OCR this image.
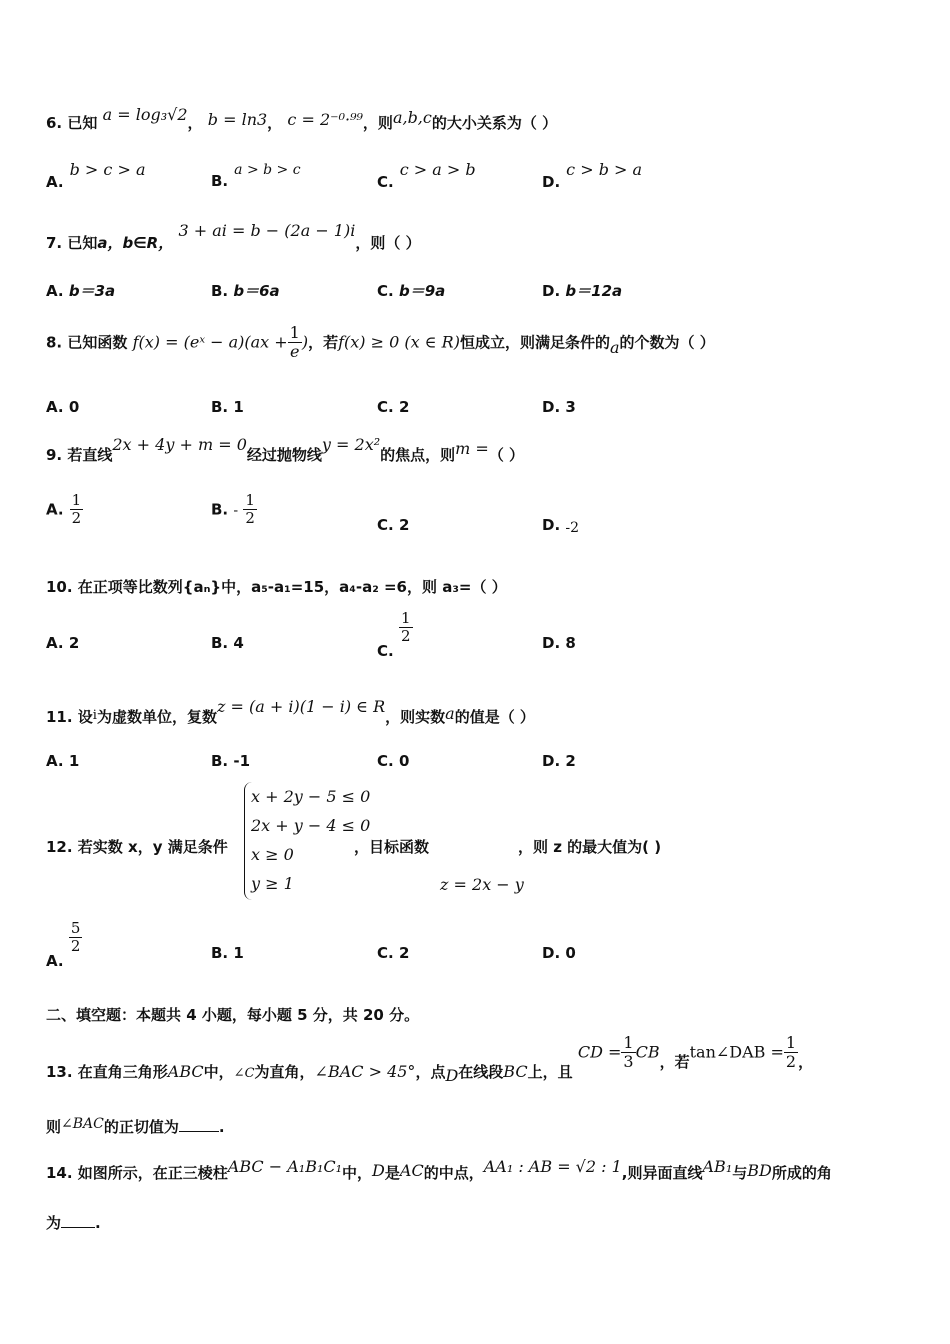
6. 已知 a = log₃√2， b = ln3， c = 2⁻⁰·⁹⁹，则a,b,c的大小关系为（ ）
A.b > c > a
B.a > b > c
C.c > a > b
D.c > b > a
7. 已知a，b∈R， 3 + ai = b − (2a − 1)i，则（ ）
A. b＝3a	B. b＝6a	C. b＝9a	D. b＝12a
8. 已知函数 f(x) = (eˣ − $a)(ax + \frac{1}{e}$ )，若f(x) ≥ 0 (x ∈ R)恒成立，则满足条件的a的个数为（ ）
A. 0	B. 1	C. 2	D. 3
9. 若直线2x + 4y + m = 0经过抛物线y = 2x²的焦点，则m =（ ）
A. $\frac{1}{2}$	B. - $\frac{1}{2}$	C. 2	D. -2
10. 在正项等比数列{aₙ}中，a₅-a₁=15，a₄-a₂ =6，则 a₃=（ ）
A. 2	B. 4	C.
$\frac{1}{2}$	D. 8
11. 设i为虚数单位，复数z = (a + i)(1 − i) ∈ R，则实数a的值是（ ）
A. 1	B. -1	C. 0	D. 2
12. 若实数 x，y 满足条件
x + 2y − 5 ≤ 0
2x + y − 4 ≤ 0
x ≥ 0
y ≥ 1
，目标函数	，则 z 的最大值为( )
z = 2x − y
A.
$\frac{5}{2}$	B. 1	C. 2	D. 0
二、填空题：本题共 4 小题，每小题 5 分，共 20 分。
13. 在直角三角形ABC中，∠C为直角，∠BAC > 45°，点D在线段BC上，且 CD = $\frac{1}{3}$ CB，若tan∠DAB = $\frac{1}{2}$ ，
则∠BAC的正切值为	.
14. 如图所示，在正三棱柱ABC − A₁B₁C₁中，D是AC的中点，AA₁ : AB = √2 : 1,则异面直线AB₁与BD所成的角
为 .
